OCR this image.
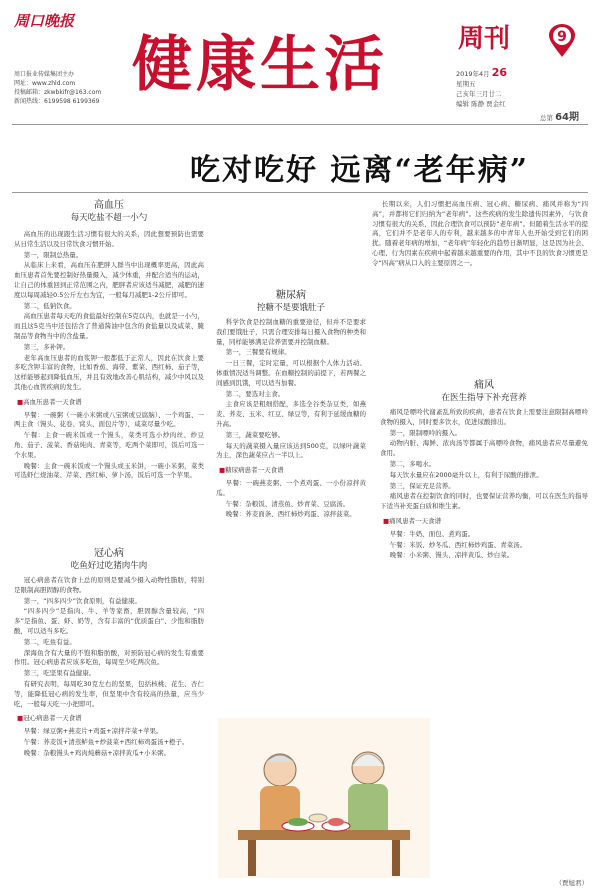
周口晚报
周口报业传媒集团主办
网址：www.zhld.com
投稿邮箱：zkwbkifr@163.com
新闻热线：6199598 6199369
健康生活	周刊	9
2019年4月 26
星期五
己亥年三月廿二
编辑 陈静 贾金红
总第 64期
吃对吃好 远离“老年病”

长期以来，人们习惯把高血压病、冠心病、糖尿病、痛风并称为“四高”，并都将它们归纳为“老年病”。这些疾病的发生除遗传因素外，与饮食习惯有很大的关系，因此合理饮食可以预防“老年病”。但随着生活水平的提高，它们并不是老年人的专利，越来越多的中青年人也开始受到它们的困扰。随着老年病的增加，“老年病”年轻化的趋势日渐明显，这是因为社会、心理、行为因素在疾病中起着越来越重要的作用，其中不良的饮食习惯更是令“四高”病从口入的主要原因之一。

高血压
每天吃盐不超一小勺

高血压的出现跟生活习惯有很大的关系，因此想要预防也需要从日常生活以及日常饮食习惯开始。

第一，限制总热量。

从临床上来看，高血压在肥胖人群当中出现概率更高，因此高血压患者首先要控制好热量摄入，减少体重，并配合适当的运动，让自己的体重回到正常范围之内，肥胖者应该适当减肥，减肥的速度以每周减轻0.5公斤左右为宜，一般每月减肥1-2公斤即可。

第二，低钠饮食。

高血压患者每天吃的食盐最好控制在5克以内，也就是一小勺，而且这5克当中还包括含了普通酱油中包含的食盐量以及咸菜、腌制品等食物当中的含盐量。

第三，多补钾。

老年高血压患者的血浆钾一般都低于正常人，因此在饮食上要多吃含钾丰富的食物，比如香蕉、海带、紫菜、西红柿、茄子等，这样能够起到降低血压，并且有效地改善心肌结构，减少中风以及其他心血管疾病的发生。

■ 高血压患者一天食谱

早餐：一碗粥（一碗小米粥或八宝粥或豆腐脑）、一个鸡蛋、一两主食（馒头、花卷、窝头、面包片等），咸菜尽量少吃。

午餐：主食一碗米饭或一个馒头，菜类可选小炒肉丝、炒豆角、茄子、菠菜、香菇炖肉、青菜等，吃两个菜即可，饭后可选一个水果。

晚餐：主食一碗米饭或一个馒头或玉米饼，一碗小米粥，菜类可选虾仁烧油菜、芹菜、西红柿、萝卜汤，饭后可选一个苹果。

冠心病
吃鱼好过吃猪肉牛肉

冠心病患者在饮食上总的原则是要减少摄入动物性脂肪，特别是限制高胆固醇的食物。

第一，“四多四少”饮食原则，有益健康。

“四多四少”是指肉、牛、羊等家畜，胆固醇含量较高，“四多”是指鱼、蛋、虾、奶等，含有丰富的“优质蛋白”、少饱和脂肪酸，可以适当多吃。

第二，吃鱼有益。

深海鱼含有大量的不饱和脂肪酸，对预防冠心病的发生有重要作用。冠心病患者应该多吃鱼，每周至少吃两次鱼。

第三，吃坚果有益健康。

有研究表明，每周吃30克左右的坚果，包括核桃、花生、杏仁等，能降低冠心病的发生率，但坚果中含有较高的热量，应当少吃，一般每天吃一小把即可。

■ 冠心病患者一天食谱

早餐：绿豆粥+燕麦片+鸡蛋+凉拌芹菜+苹果。

午餐：荞麦饭+清蒸鲈鱼+炒菠菜+西红柿鸡蛋汤+橙子。

晚餐：杂粮馒头+鸡肉炖蘑菇+凉拌黄瓜+小米粥。

糖尿病
控糖不是要饿肚子

科学饮食是控制血糖的重要途径，但并不是要求我们要饿肚子，只需合理安排每日摄入食物的种类和量，同样能够满足营养需要并控制血糖。

第一，三餐要有规律。

一日三餐，定时定量，可以根据个人体力活动、体重情况适当调整。在血糖控制的前提下，若两餐之间感到饥饿，可以适当加餐。

第二，要选对主食。

主食应该是粗细搭配，多选全谷类杂豆类，如燕麦、荞麦、玉米、红豆、绿豆等，有利于延缓血糖的升高。

第三，蔬菜要吃够。

每天的蔬菜摄入量应该达到500克，以绿叶蔬菜为主，深色蔬菜应占一半以上。

■ 糖尿病患者一天食谱

早餐：一碗燕麦粥、一个煮鸡蛋、一小份凉拌黄瓜。

午餐：杂粮饭、清蒸鱼、炒青菜、豆腐汤。

晚餐：荞麦面条、西红柿炒鸡蛋、凉拌菠菜。

痛风
在医生指导下补充营养

痛风是嘌呤代谢紊乱所致的疾病，患者在饮食上需要注意限制高嘌呤食物的摄入，同时要多饮水，促进尿酸排出。

第一，限制嘌呤的摄入。

动物内脏、海鲜、浓肉汤等都属于高嘌呤食物，痛风患者应尽量避免食用。

第二，多喝水。

每天饮水量应在2000毫升以上，有利于尿酸的排泄。

第三，保证充足营养。

痛风患者在控制饮食的同时，也要保证营养均衡，可以在医生的指导下适当补充蛋白质和维生素。

■ 痛风患者一天食谱

早餐：牛奶、面包、煮鸡蛋。

午餐：米饭、炒冬瓜、西红柿炒鸡蛋、青菜汤。

晚餐：小米粥、馒头、凉拌黄瓜、炒白菜。

（贾旭君）
